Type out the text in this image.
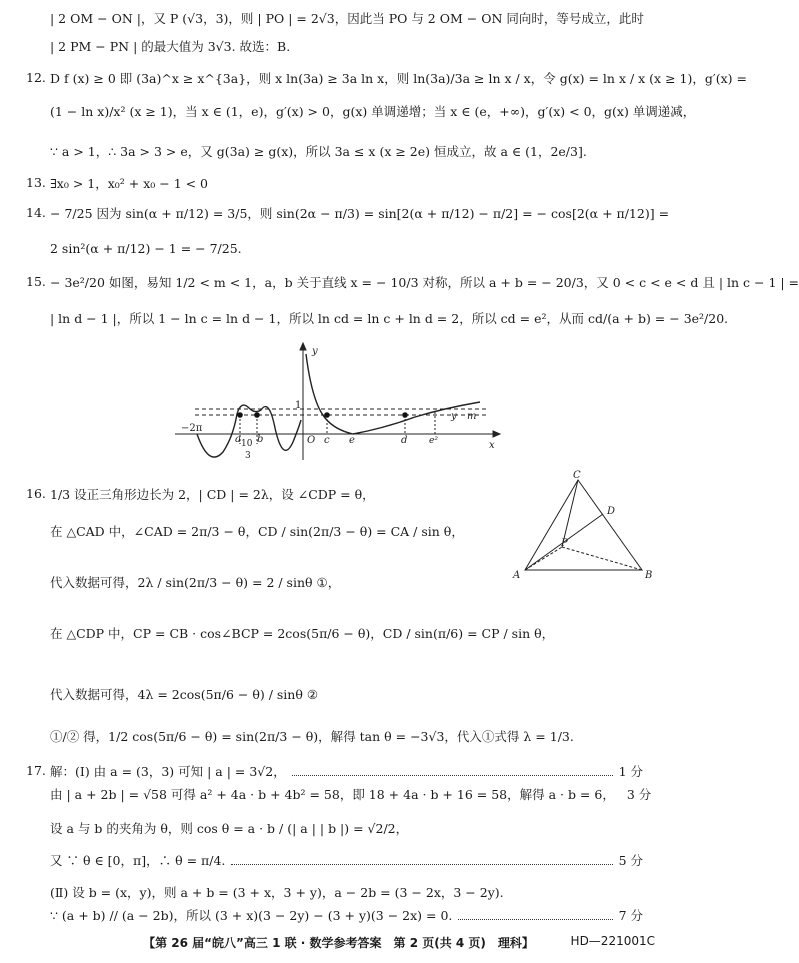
| 2 OM − ON |，又 P (√3，3)，则 | PO | = 2√3，因此当 PO 与 2 OM − ON 同向时，等号成立，此时
| 2 PM − PN | 的最大值为 3√3. 故选：B.
12. D f (x) ≥ 0 即 (3a)^x ≥ x^{3a}，则 x ln(3a) ≥ 3a ln x，则 ln(3a)/3a ≥ ln x / x，令 g(x) = ln x / x (x ≥ 1)，g′(x) =
(1 − ln x)/x² (x ≥ 1)，当 x ∈ (1，e)，g′(x) > 0，g(x) 单调递增；当 x ∈ (e，+∞)，g′(x) < 0，g(x) 单调递减，
∵ a > 1，∴ 3a > 3 > e，又 g(3a) ≥ g(x)，所以 3a ≤ x (x ≥ 2e) 恒成立，故 a ∈ (1，2e/3].
13. ∃x₀ > 1，x₀² + x₀ − 1 < 0
14. − 7/25 因为 sin(α + π/12) = 3/5，则 sin(2α − π/3) = sin[2(α + π/12) − π/2] = − cos[2(α + π/12)] =
2 sin²(α + π/12) − 1 = − 7/25.
15. − 3e²/20 如图，易知 1/2 < m < 1，a，b 关于直线 x = − 10/3 对称，所以 a + b = − 20/3，又 0 < c < e < d 且 | ln c − 1 | =
| ln d − 1 |，所以 1 − ln c = ln d − 1，所以 ln cd = ln c + ln d = 2，所以 cd = e²，从而 cd/(a + b) = − 3e²/20.
y
x
1
−2π
a b
10
3
O c e	d e²
y m
16. 1/3 设正三角形边长为 2，| CD | = 2λ，设 ∠CDP = θ，
在 △CAD 中，∠CAD = 2π/3 − θ，CD / sin(2π/3 − θ) = CA / sin θ，
代入数据可得，2λ / sin(2π/3 − θ) = 2 / sinθ ①，
在 △CDP 中，CP = CB · cos∠BCP = 2cos(5π/6 − θ)，CD / sin(π/6) = CP / sin θ，
代入数据可得，4λ = 2cos(5π/6 − θ) / sinθ ②
①/② 得，1/2 cos(5π/6 − θ) = sin(2π/3 − θ)，解得 tan θ = −3√3，代入①式得 λ = 1/3.
A	B
C
D
P
17. 解：(Ⅰ) 由 a = (3，3) 可知 | a | = 3√2，	1 分
由 | a + 2b | = √58 可得 a² + 4a · b + 4b² = 58，即 18 + 4a · b + 16 = 58，解得 a · b = 6， 3 分
设 a 与 b 的夹角为 θ，则 cos θ = a · b / (| a | | b |) = √2/2，
又 ∵ θ ∈ [0，π]，∴ θ = π/4.	5 分
(Ⅱ) 设 b = (x，y)，则 a + b = (3 + x，3 + y)，a − 2b = (3 − 2x，3 − 2y).
∵ (a + b) // (a − 2b)，所以 (3 + x)(3 − 2y) − (3 + y)(3 − 2x) = 0.	7 分
【第 26 届“皖八”高三 1 联 · 数学参考答案　第 2 页(共 4 页)　理科】	HD—221001C
